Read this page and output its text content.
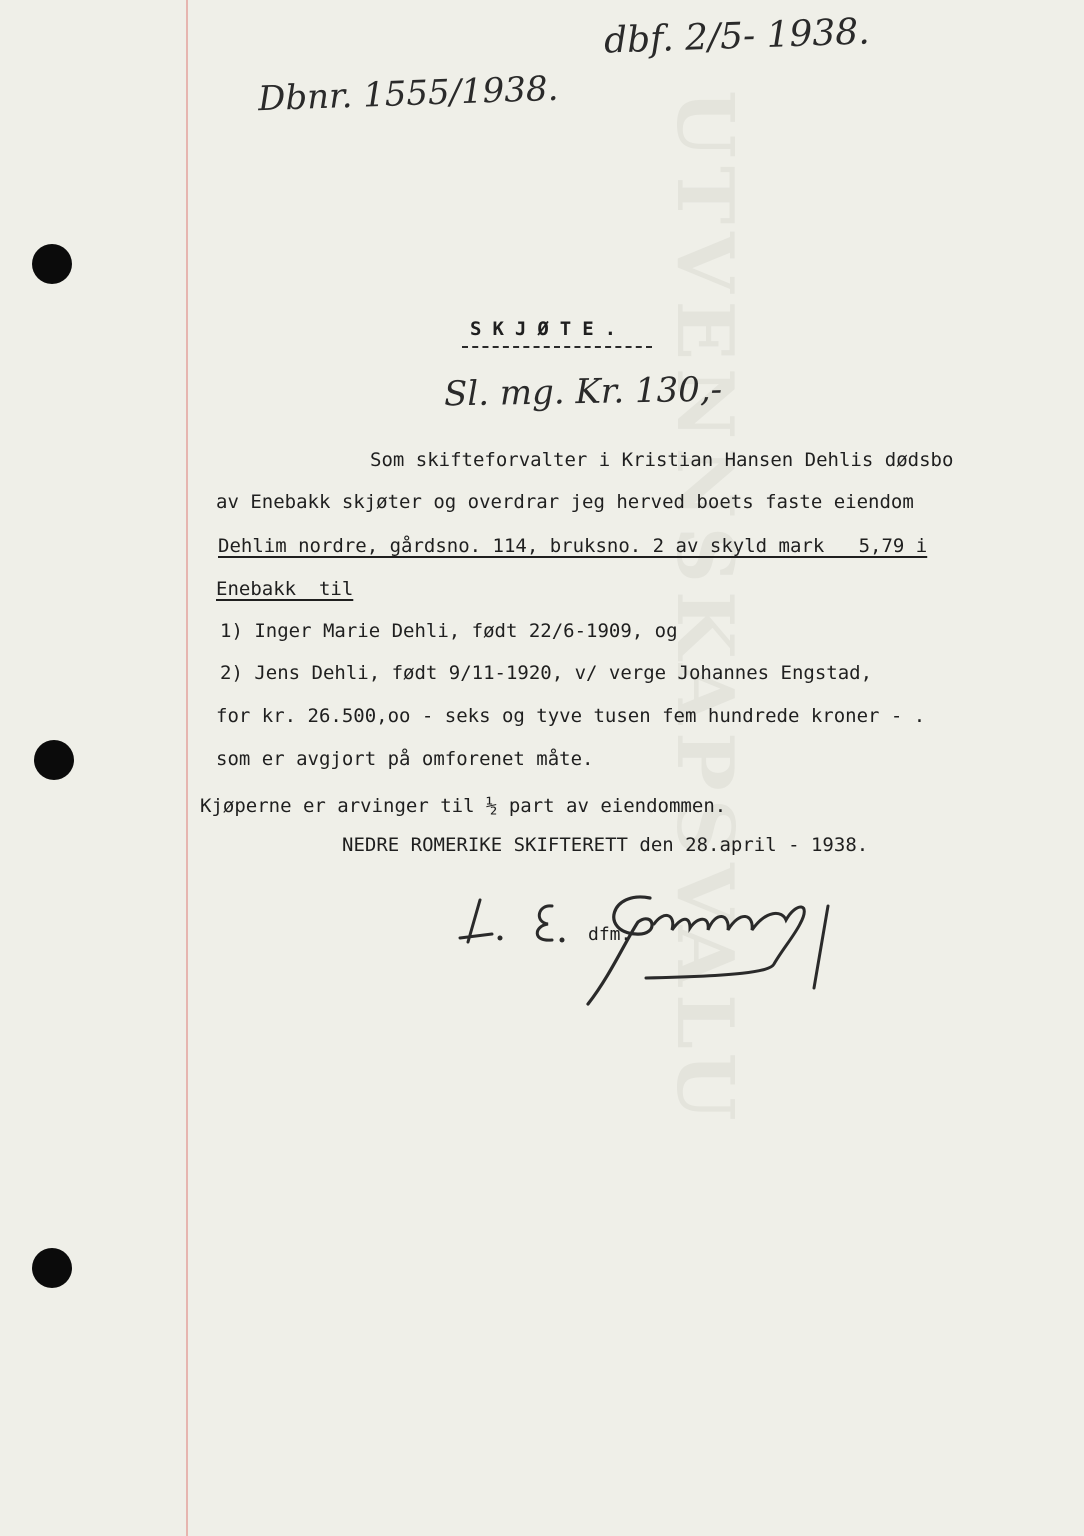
UTVENNSKAPSVALU
dbf. 2/5- 1938.
Dbnr. 1555/1938.
SKJØTE.
Sl. mg. Kr. 130,-
Som skifteforvalter i Kristian Hansen Dehlis dødsbo
av Enebakk skjøter og overdrar jeg herved boets faste eiendom
Dehlim nordre, gårdsno. 114, bruksno. 2 av skyld mark   5,79 i
Enebakk  til
1) Inger Marie Dehli, født 22/6-1909, og
2) Jens Dehli, født 9/11-1920, v/ verge Johannes Engstad,
for kr. 26.500,oo - seks og tyve tusen fem hundrede kroner - .
som er avgjort på omforenet måte.
Kjøperne er arvinger til ½ part av eiendommen.
NEDRE ROMERIKE SKIFTERETT den 28.april - 1938.
dfm.
